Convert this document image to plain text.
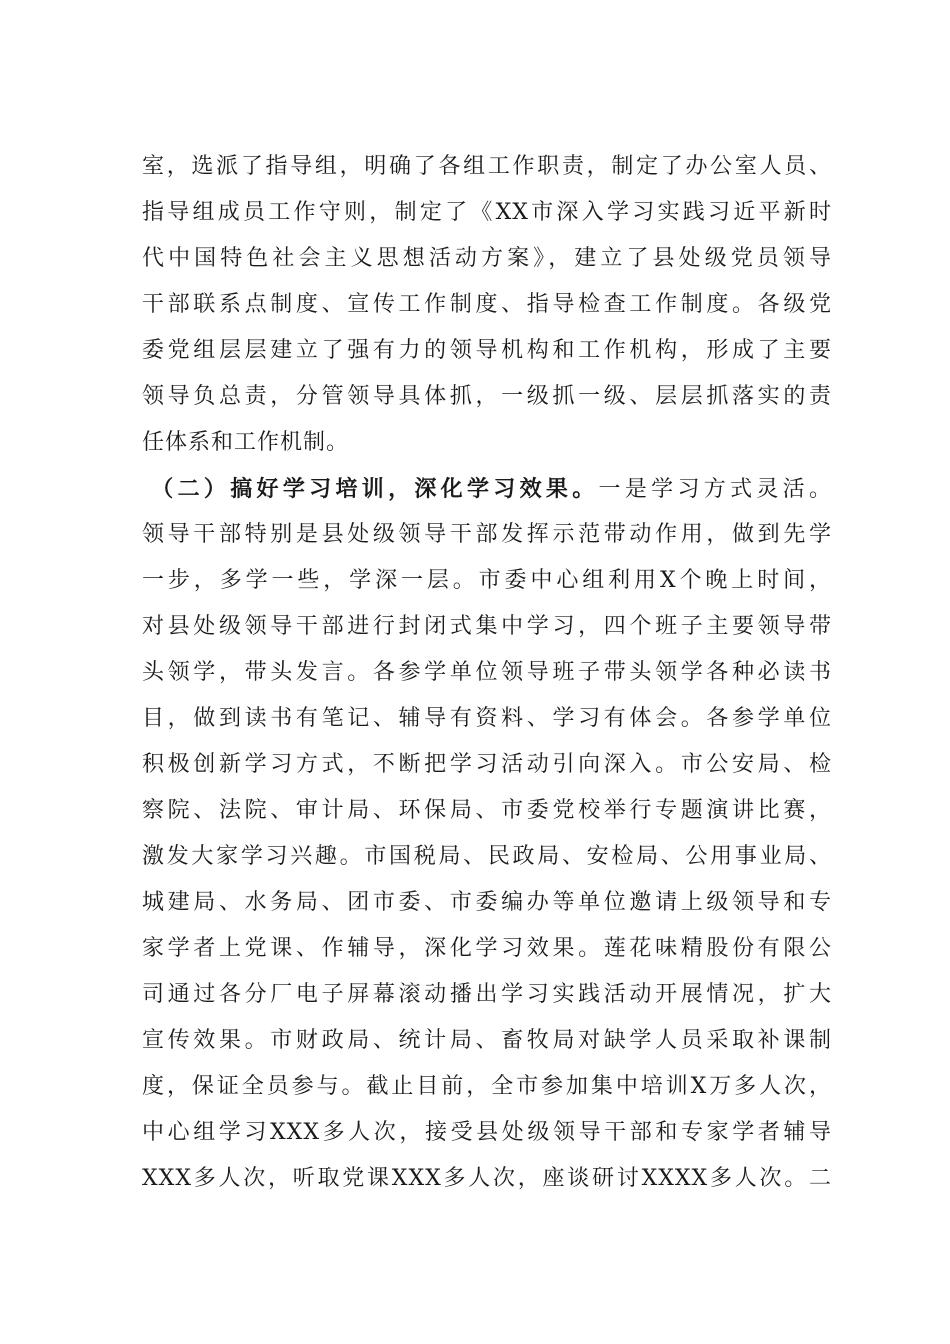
室，选派了指导组，明确了各组工作职责，制定了办公室人员、
指导组成员工作守则，制定了《XX市深入学习实践习近平新时
代中国特色社会主义思想活动方案》，建立了县处级党员领导
干部联系点制度、宣传工作制度、指导检查工作制度。各级党
委党组层层建立了强有力的领导机构和工作机构，形成了主要
领导负总责，分管领导具体抓，一级抓一级、层层抓落实的责
任体系和工作机制。
（二）搞好学习培训，深化学习效果。一是学习方式灵活。
领导干部特别是县处级领导干部发挥示范带动作用，做到先学
一步，多学一些，学深一层。市委中心组利用X个晚上时间，
对县处级领导干部进行封闭式集中学习，四个班子主要领导带
头领学，带头发言。各参学单位领导班子带头领学各种必读书
目，做到读书有笔记、辅导有资料、学习有体会。各参学单位
积极创新学习方式，不断把学习活动引向深入。市公安局、检
察院、法院、审计局、环保局、市委党校举行专题演讲比赛，
激发大家学习兴趣。市国税局、民政局、安检局、公用事业局、
城建局、水务局、团市委、市委编办等单位邀请上级领导和专
家学者上党课、作辅导，深化学习效果。莲花味精股份有限公
司通过各分厂电子屏幕滚动播出学习实践活动开展情况，扩大
宣传效果。市财政局、统计局、畜牧局对缺学人员采取补课制
度，保证全员参与。截止目前，全市参加集中培训X万多人次，
中心组学习XXX多人次，接受县处级领导干部和专家学者辅导
XXX多人次，听取党课XXX多人次，座谈研讨XXXX多人次。二
